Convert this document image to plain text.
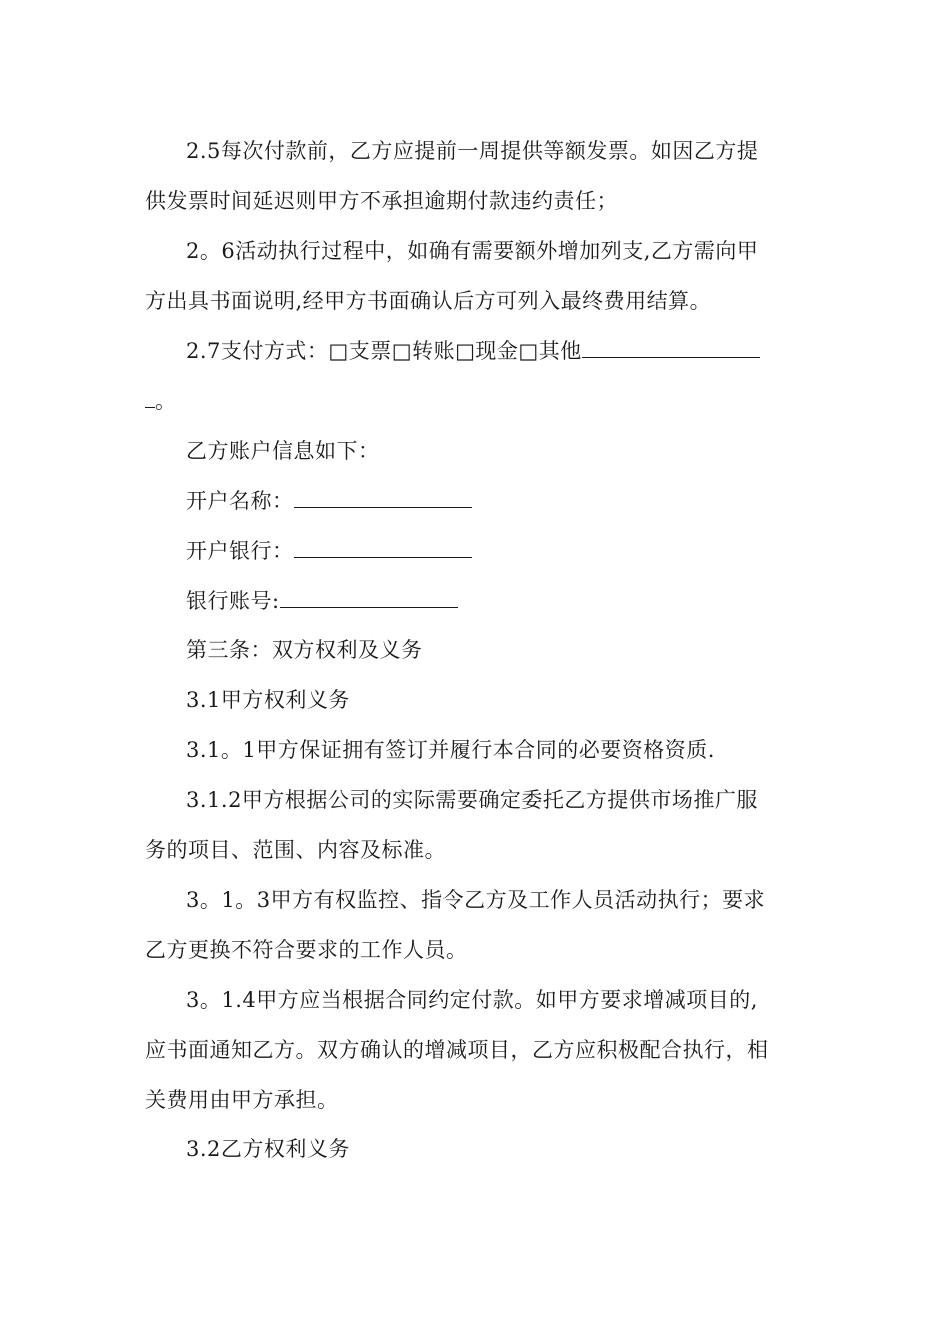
2.5每次付款前，乙方应提前一周提供等额发票。如因乙方提
供发票时间延迟则甲方不承担逾期付款违约责任；
2。6活动执行过程中，如确有需要额外增加列支,乙方需向甲
方出具书面说明,经甲方书面确认后方可列入最终费用结算。
2.7支付方式：□支票□转账□现金□其他
。
乙方账户信息如下：
开户名称：
开户银行：
银行账号:
第三条：双方权利及义务
3.1甲方权利义务
3.1。1甲方保证拥有签订并履行本合同的必要资格资质.
3.1.2甲方根据公司的实际需要确定委托乙方提供市场推广服
务的项目、范围、内容及标准。
3。1。3甲方有权监控、指令乙方及工作人员活动执行；要求
乙方更换不符合要求的工作人员。
3。1.4甲方应当根据合同约定付款。如甲方要求增减项目的,
应书面通知乙方。双方确认的增减项目，乙方应积极配合执行，相
关费用由甲方承担。
3.2乙方权利义务
